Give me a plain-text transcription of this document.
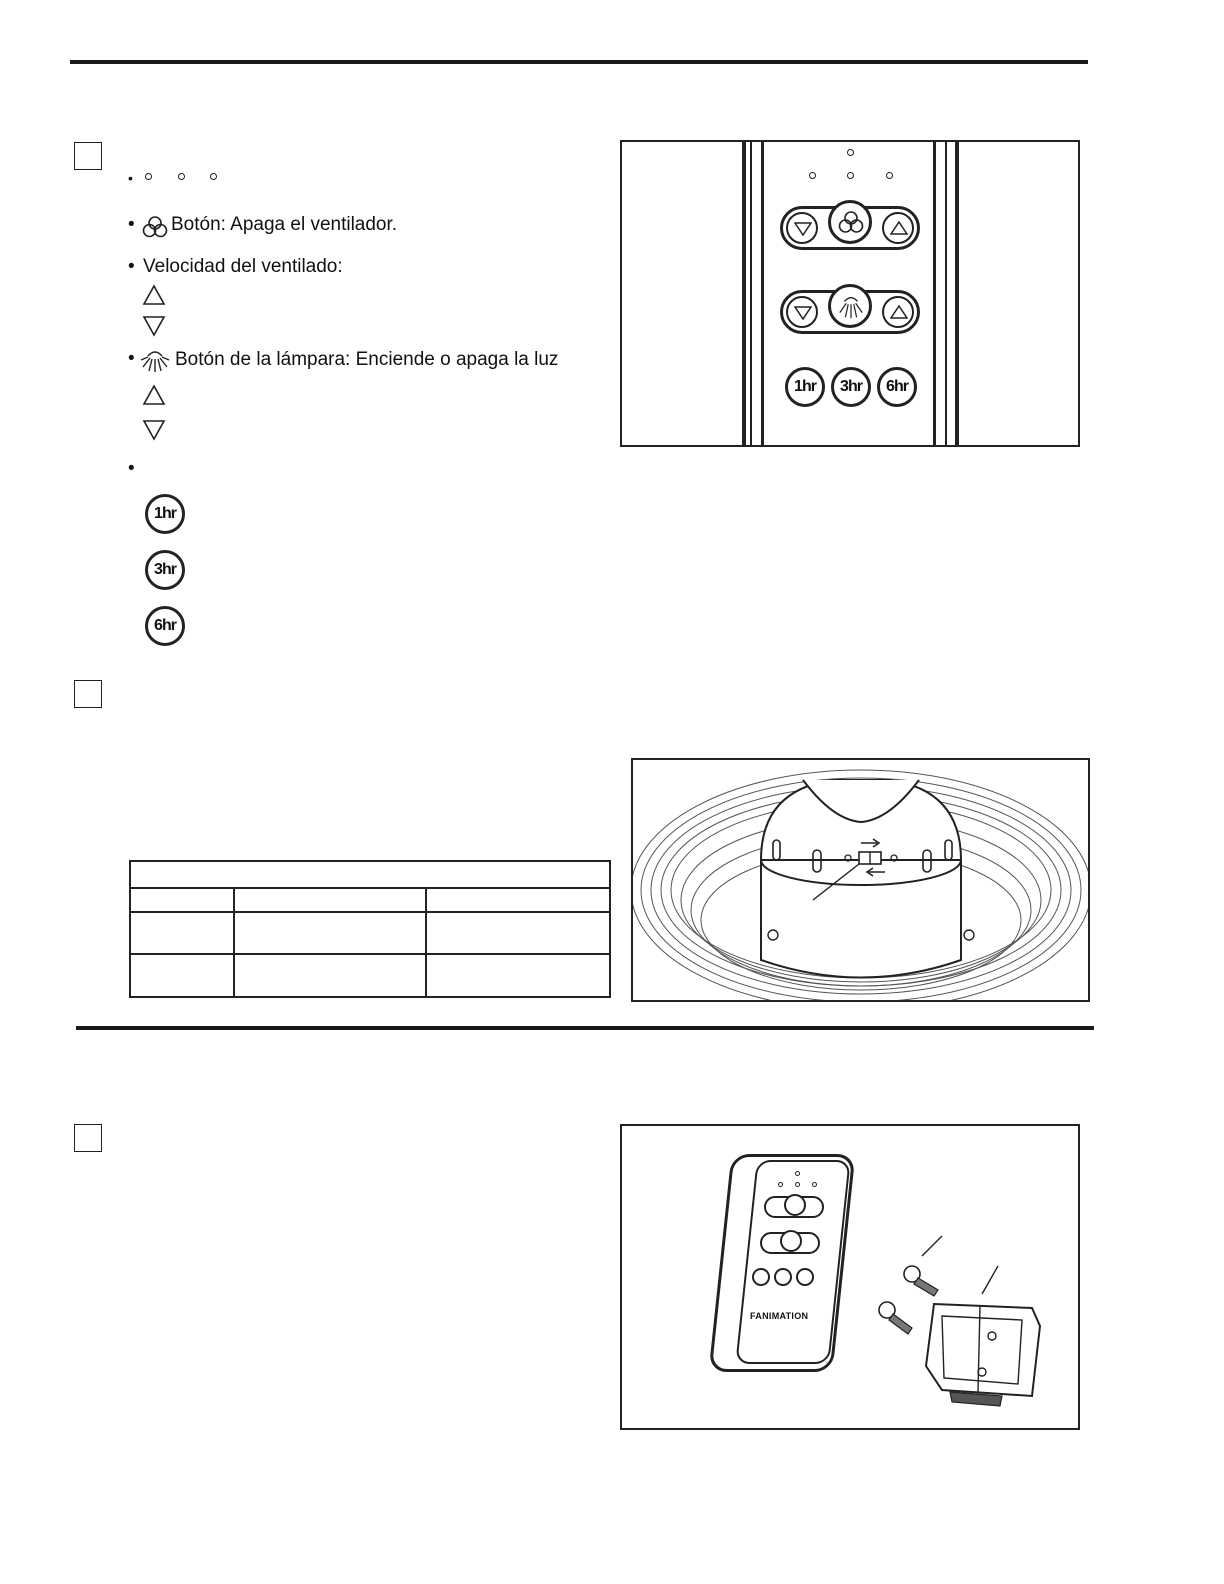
•
• Botón: Apaga el ventilador.
• Velocidad del ventilado:
• Botón de la lámpara: Enciende o apaga la luz
•
1hr
3hr
6hr
1hr	3hr	6hr

FANIMATION
